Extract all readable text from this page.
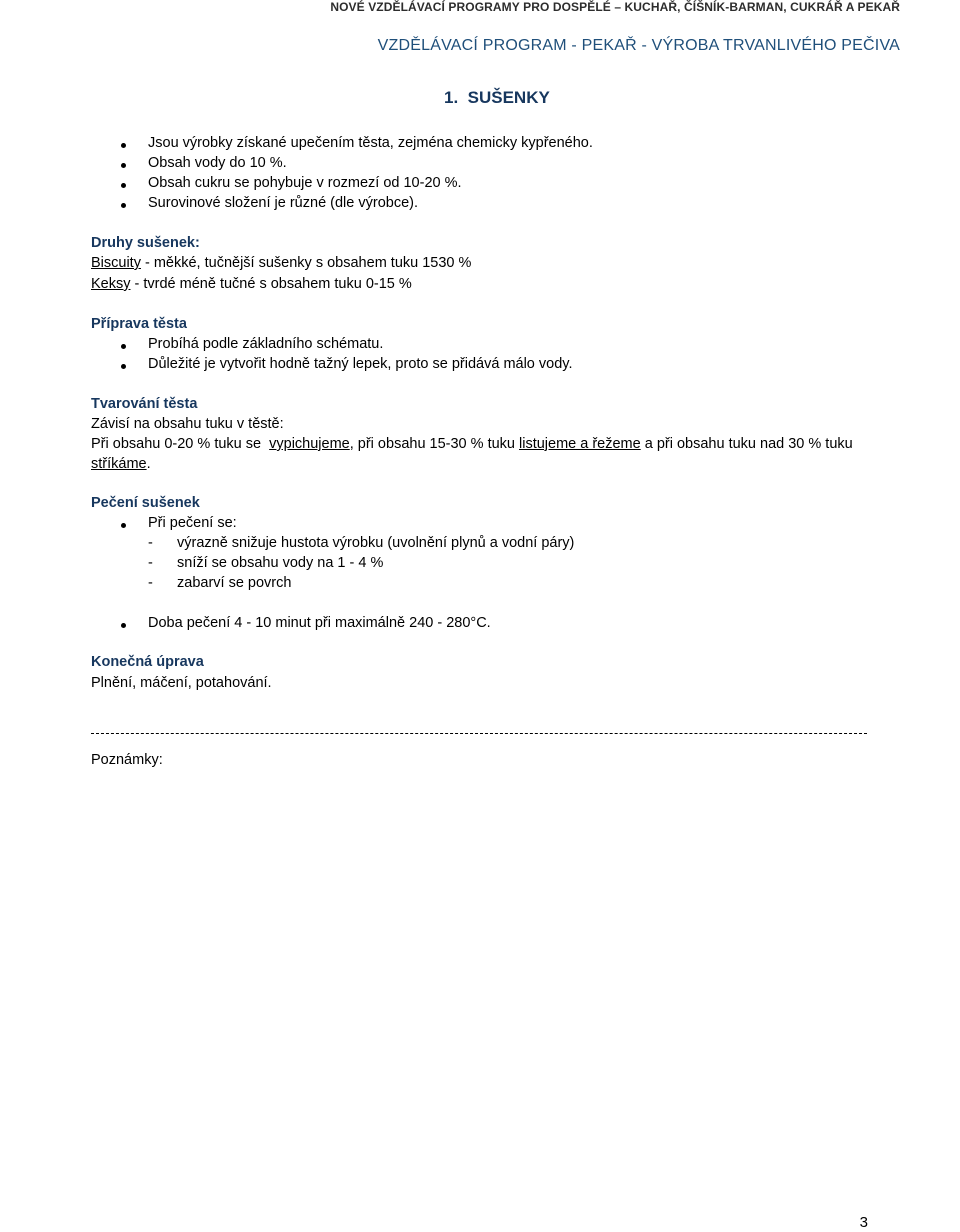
NOVÉ VZDĚLÁVACÍ PROGRAMY PRO DOSPĚLÉ – KUCHAŘ, ČÍŠNÍK-BARMAN, CUKRÁŘ A PEKAŘ
VZDĚLÁVACÍ PROGRAM - PEKAŘ - VÝROBA TRVANLIVÉHO PEČIVA
1.  SUŠENKY
Jsou výrobky získané upečením těsta, zejména chemicky kypřeného.
Obsah vody do 10 %.
Obsah cukru se pohybuje v rozmezí od 10-20 %.
Surovinové složení je různé (dle výrobce).
Druhy sušenek:
Biscuity - měkké, tučnější sušenky s obsahem tuku 15​30 %
Keksy - tvrdé méně tučné s obsahem tuku 0-15 %
Příprava těsta
Probíhá podle základního schématu.
Důležité je vytvořit hodně tažný lepek, proto se přidává málo vody.
Tvarování těsta
Závisí na obsahu tuku v těstě:
Při obsahu 0-20 % tuku se  vypichujeme, při obsahu 15-30 % tuku listujeme a řežeme a při obsahu tuku nad 30 % tuku
stříkáme.
Pečení sušenek
Při pečení se:
- výrazně snižuje hustota výrobku (uvolnění plynů a vodní páry)
- sníží se obsahu vody na 1 - 4 %
- zabarví se povrch
Doba pečení 4 - 10 minut při maximálně 240 - 280°C.
Konečná úprava
Plnění, máčení, potahování.
Poznámky:
3
